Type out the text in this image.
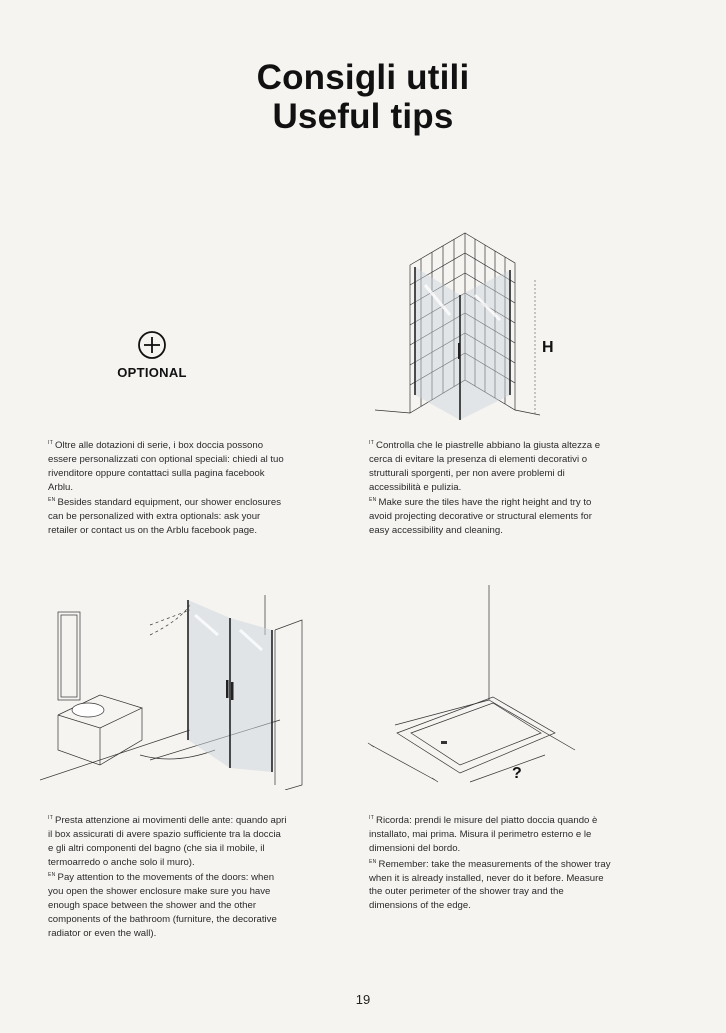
Consigli utili
Useful tips
OPTIONAL
H

$^{IT}$ Oltre alle dotazioni di serie, i box doccia possono essere personalizzati con optional speciali: chiedi al tuo rivenditore oppure contattaci sulla pagina facebook Arblu.

$^{EN}$ Besides standard equipment, our shower enclosures can be personalized with extra optionals: ask your retailer or contact us on the Arblu facebook page.

$^{IT}$ Controlla che le piastrelle abbiano la giusta altezza e cerca di evitare la presenza di elementi decorativi o strutturali sporgenti, per non avere problemi di accessibilità e pulizia.

$^{EN}$ Make sure the tiles have the right height and try to avoid projecting decorative or structural elements for easy accessibility and cleaning.

$^{IT}$ Presta attenzione ai movimenti delle ante: quando apri il box assicurati di avere spazio sufficiente tra la doccia e gli altri componenti del bagno (che sia il mobile, il termoarredo o anche solo il muro).

$^{EN}$ Pay attention to the movements of the doors: when you open the shower enclosure make sure you have enough space between the shower and the other components of the bathroom (furniture, the decorative radiator or even the wall).

?

$^{IT}$ Ricorda: prendi le misure del piatto doccia quando è installato, mai prima. Misura il perimetro esterno e le dimensioni del bordo.

$^{EN}$ Remember: take the measurements of the shower tray when it is already installed, never do it before. Measure the outer perimeter of the shower tray and the dimensions of the edge.

19
